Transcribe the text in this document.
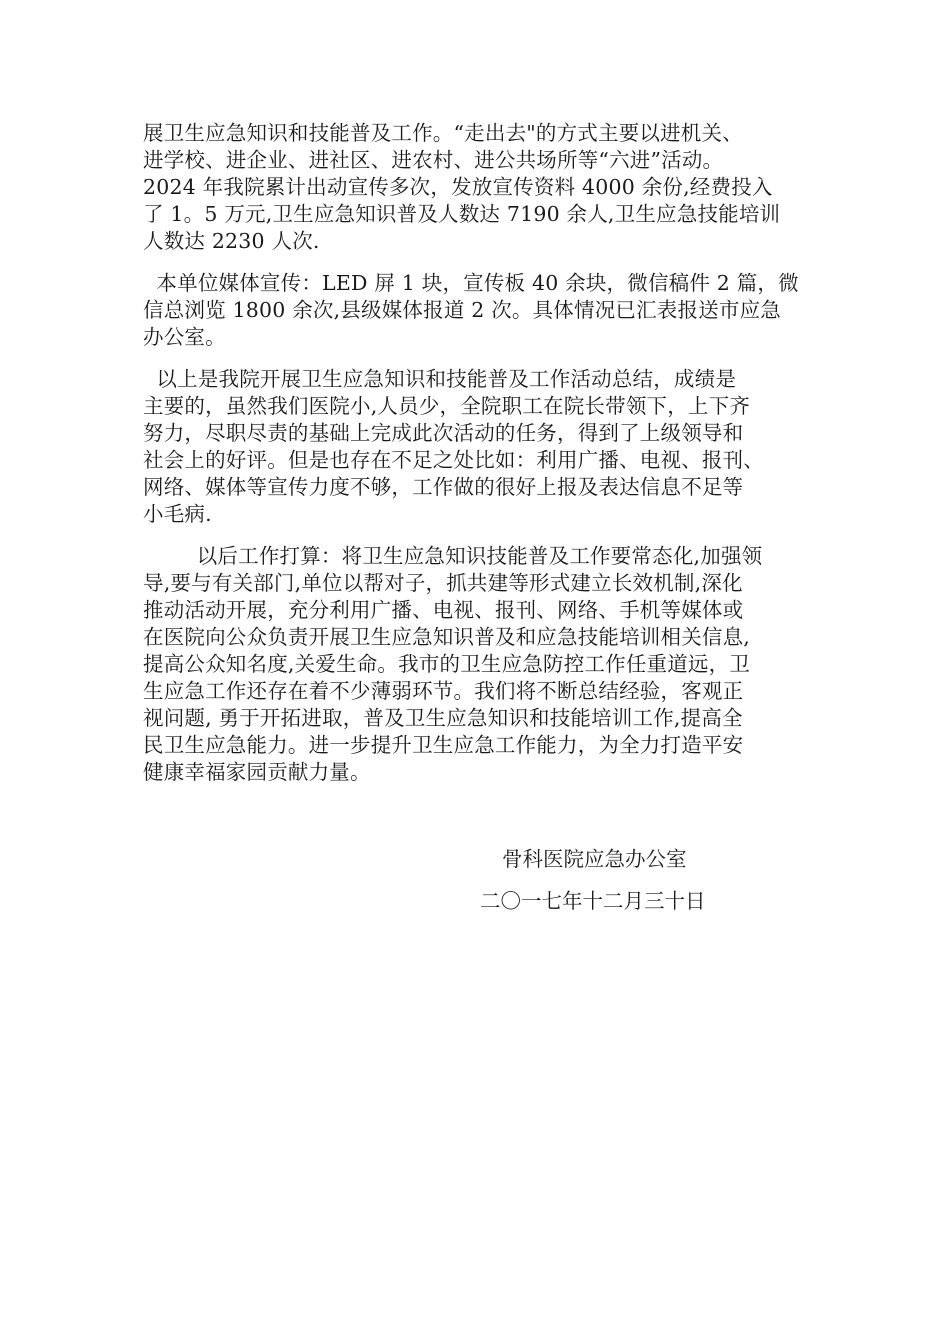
展卫生应急知识和技能普及工作。“走出去"的方式主要以进机关、
进学校、进企业、进社区、进农村、进公共场所等“六进”活动。
2024 年我院累计出动宣传多次，发放宣传资料 4000 余份,经费投入
了 1。5 万元,卫生应急知识普及人数达 7190 余人,卫生应急技能培训
人数达 2230 人次.
本单位媒体宣传：LED 屏 1 块，宣传板 40 余块，微信稿件 2 篇，微
信总浏览 1800 余次,县级媒体报道 2 次。具体情况已汇表报送市应急
办公室。
以上是我院开展卫生应急知识和技能普及工作活动总结，成绩是
主要的，虽然我们医院小,人员少，全院职工在院长带领下，上下齐
努力，尽职尽责的基础上完成此次活动的任务，得到了上级领导和
社会上的好评。但是也存在不足之处比如：利用广播、电视、报刊、
网络、媒体等宣传力度不够，工作做的很好上报及表达信息不足等
小毛病.
以后工作打算：将卫生应急知识技能普及工作要常态化,加强领
导,要与有关部门,单位以帮对子，抓共建等形式建立长效机制,深化
推动活动开展，充分利用广播、电视、报刊、网络、手机等媒体或
在医院向公众负责开展卫生应急知识普及和应急技能培训相关信息,
提高公众知名度,关爱生命。我市的卫生应急防控工作任重道远，卫
生应急工作还存在着不少薄弱环节。我们将不断总结经验，客观正
视问题, 勇于开拓进取，普及卫生应急知识和技能培训工作,提高全
民卫生应急能力。进一步提升卫生应急工作能力，为全力打造平安
健康幸福家园贡献力量。
骨科医院应急办公室
二〇一七年十二月三十日
